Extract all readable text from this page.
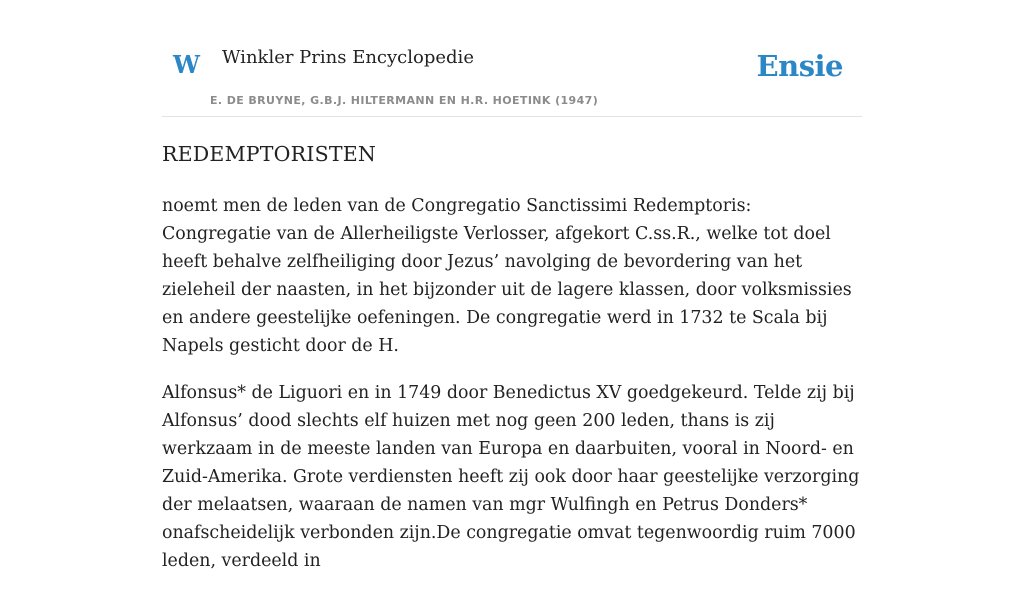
W Winkler Prins Encyclopedie
E. DE BRUYNE, G.B.J. HILTERMANN EN H.R. HOETINK (1947)
Ensie
REDEMPTORISTEN

noemt men de leden van de Congregatio Sanctissimi Redemptoris: Congregatie van de Allerheiligste Verlosser, afgekort C.ss.R., welke tot doel heeft behalve zelfheiliging door Jezus’ navolging de bevordering van het zieleheil der naasten, in het bijzonder uit de lagere klassen, door volksmissies en andere geestelijke oefeningen. De congregatie werd in 1732 te Scala bij Napels gesticht door de H.

Alfonsus* de Liguori en in 1749 door Benedictus XV goedgekeurd. Telde zij bij Alfonsus’ dood slechts elf huizen met nog geen 200 leden, thans is zij werkzaam in de meeste landen van Europa en daarbuiten, vooral in Noord- en Zuid-Amerika. Grote verdiensten heeft zij ook door haar geestelijke verzorging der melaatsen, waaraan de namen van mgr Wulfingh en Petrus Donders* onafscheidelijk verbonden zijn.De congregatie omvat tegenwoordig ruim 7000 leden, verdeeld in
